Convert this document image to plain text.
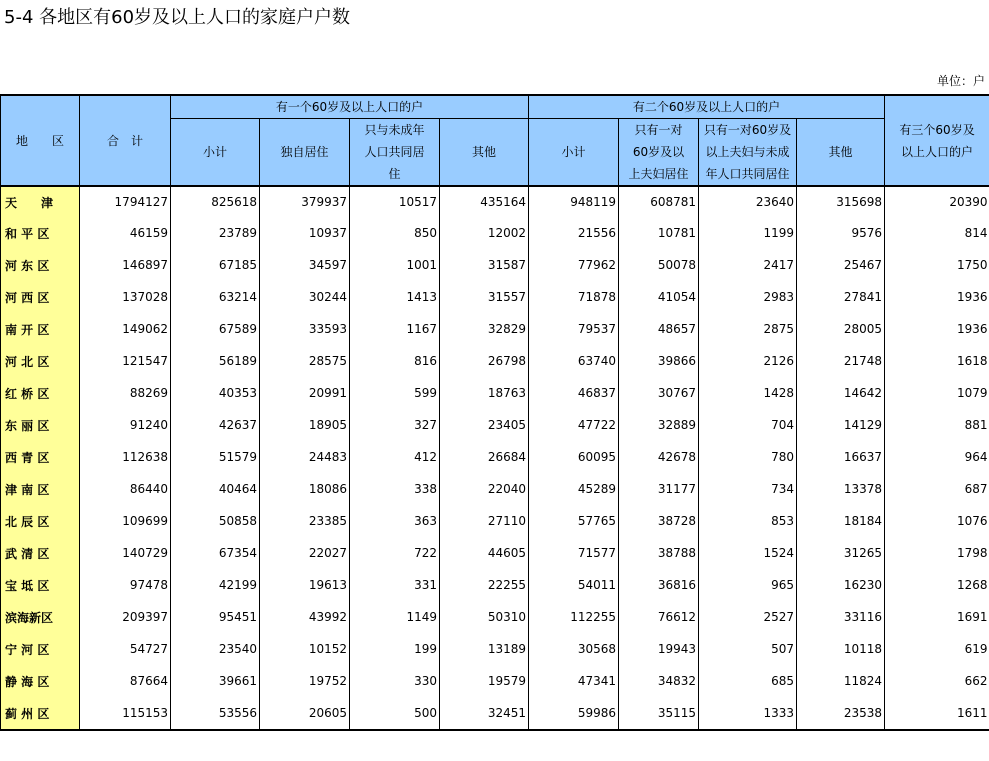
5-4 各地区有60岁及以上人口的家庭户户数
单位：户
地　　区	合　计	有一个60岁及以上人口的户				有二个60岁及以上人口的户				有三个60岁及以上人口的户
		小计	独自居住	只与未成年人口共同居住	其他	小计	只有一对60岁及以上夫妇居住	只有一对60岁及以上夫妇与未成年人口共同居住	其他	
天　　津	1794127	825618	379937	10517	435164	948119	608781	23640	315698	20390
和 平 区	46159	23789	10937	850	12002	21556	10781	1199	9576	814
河 东 区	146897	67185	34597	1001	31587	77962	50078	2417	25467	1750
河 西 区	137028	63214	30244	1413	31557	71878	41054	2983	27841	1936
南 开 区	149062	67589	33593	1167	32829	79537	48657	2875	28005	1936
河 北 区	121547	56189	28575	816	26798	63740	39866	2126	21748	1618
红 桥 区	88269	40353	20991	599	18763	46837	30767	1428	14642	1079
东 丽 区	91240	42637	18905	327	23405	47722	32889	704	14129	881
西 青 区	112638	51579	24483	412	26684	60095	42678	780	16637	964
津 南 区	86440	40464	18086	338	22040	45289	31177	734	13378	687
北 辰 区	109699	50858	23385	363	27110	57765	38728	853	18184	1076
武 清 区	140729	67354	22027	722	44605	71577	38788	1524	31265	1798
宝 坻 区	97478	42199	19613	331	22255	54011	36816	965	16230	1268
滨海新区	209397	95451	43992	1149	50310	112255	76612	2527	33116	1691
宁 河 区	54727	23540	10152	199	13189	30568	19943	507	10118	619
静 海 区	87664	39661	19752	330	19579	47341	34832	685	11824	662
蓟 州 区	115153	53556	20605	500	32451	59986	35115	1333	23538	1611
